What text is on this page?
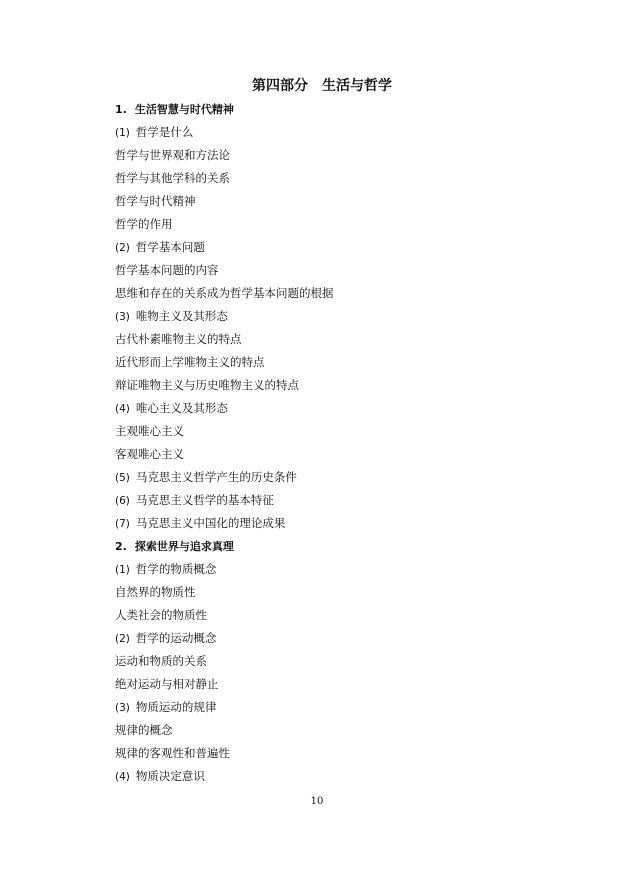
第四部分 生活与哲学
1. 生活智慧与时代精神
(1) 哲学是什么
哲学与世界观和方法论
哲学与其他学科的关系
哲学与时代精神
哲学的作用
(2) 哲学基本问题
哲学基本问题的内容
思维和存在的关系成为哲学基本问题的根据
(3) 唯物主义及其形态
古代朴素唯物主义的特点
近代形而上学唯物主义的特点
辩证唯物主义与历史唯物主义的特点
(4) 唯心主义及其形态
主观唯心主义
客观唯心主义
(5) 马克思主义哲学产生的历史条件
(6) 马克思主义哲学的基本特征
(7) 马克思主义中国化的理论成果
2. 探索世界与追求真理
(1) 哲学的物质概念
自然界的物质性
人类社会的物质性
(2) 哲学的运动概念
运动和物质的关系
绝对运动与相对静止
(3) 物质运动的规律
规律的概念
规律的客观性和普遍性
(4) 物质决定意识
10
